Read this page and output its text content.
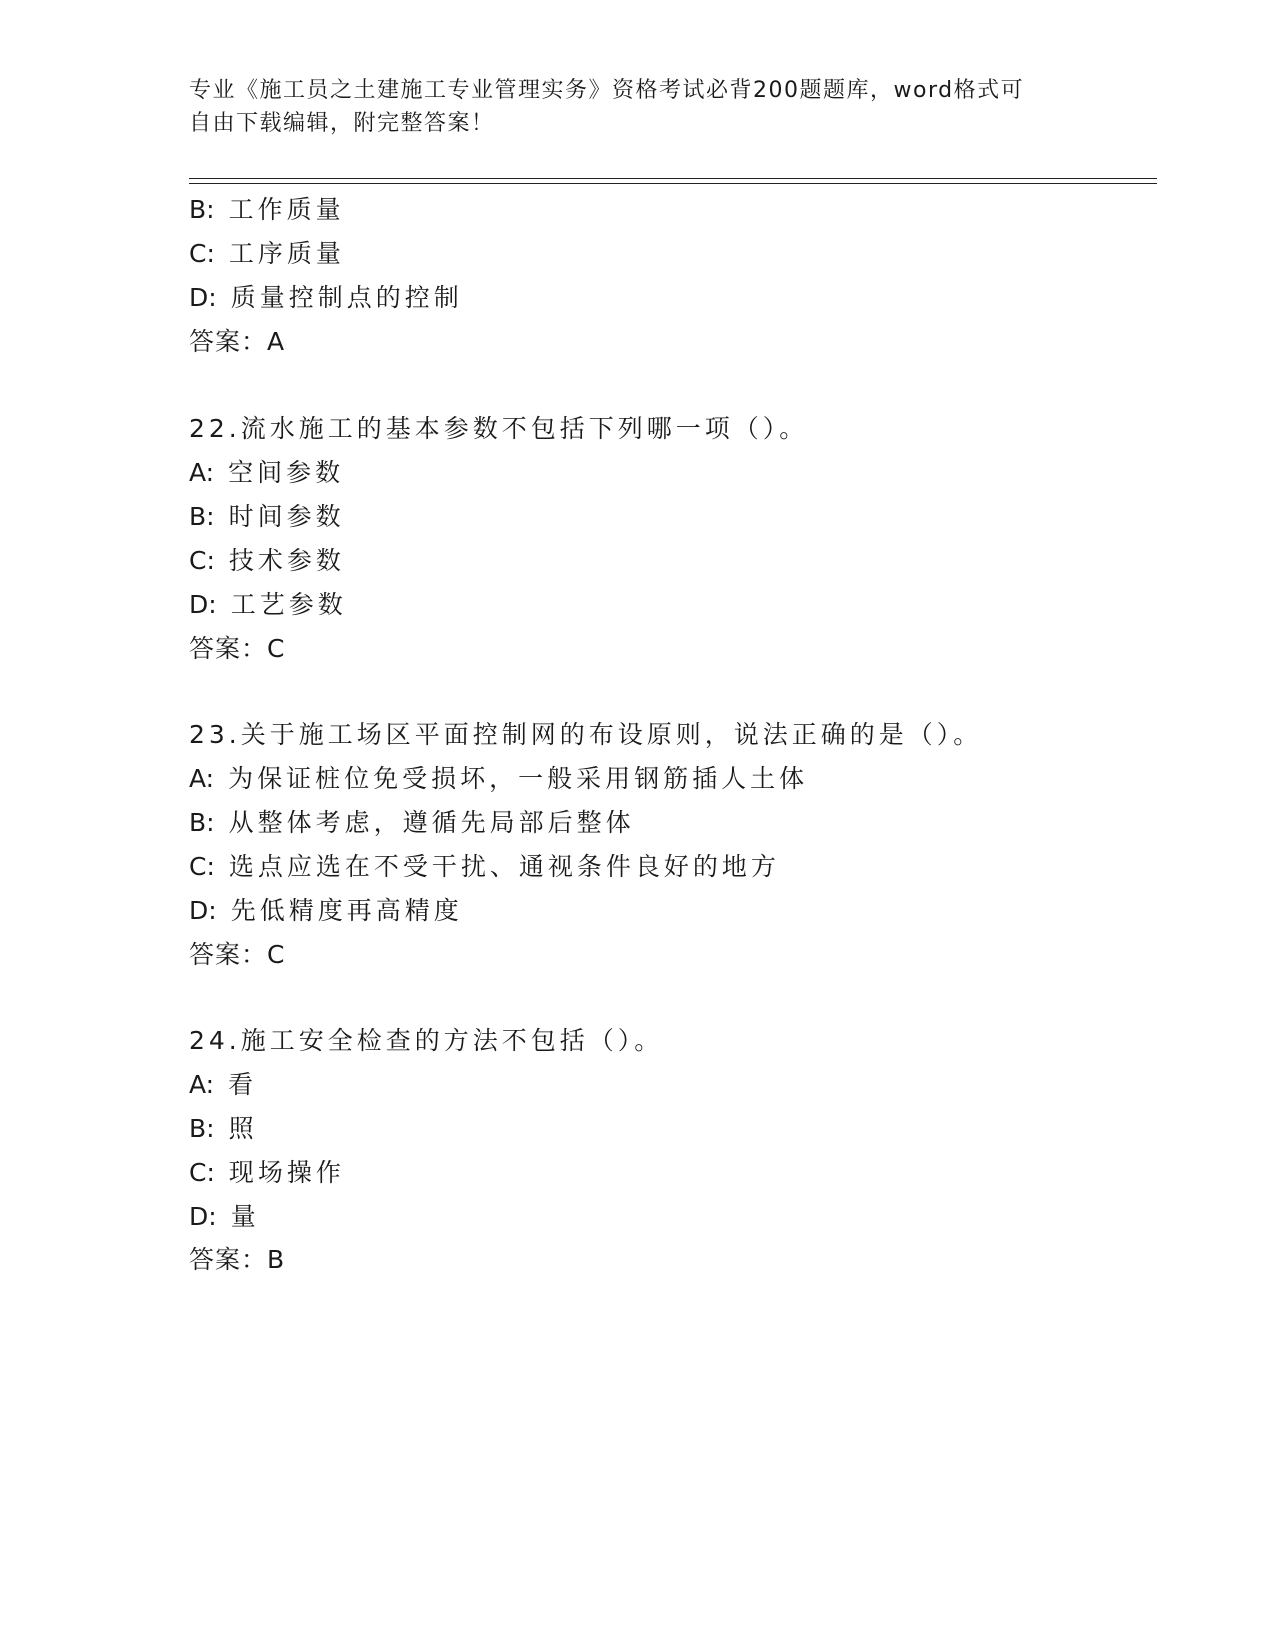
专业《施工员之土建施工专业管理实务》资格考试必背200题题库，word格式可
自由下载编辑，附完整答案！
B: 工作质量
C: 工序质量
D: 质量控制点的控制
答案：A
22.流水施工的基本参数不包括下列哪一项（）。
A: 空间参数
B: 时间参数
C: 技术参数
D: 工艺参数
答案：C
23.关于施工场区平面控制网的布设原则，说法正确的是（）。
A: 为保证桩位免受损坏，一般采用钢筋插人土体
B: 从整体考虑，遵循先局部后整体
C: 选点应选在不受干扰、通视条件良好的地方
D: 先低精度再高精度
答案：C
24.施工安全检查的方法不包括（）。
A: 看
B: 照
C: 现场操作
D: 量
答案：B
